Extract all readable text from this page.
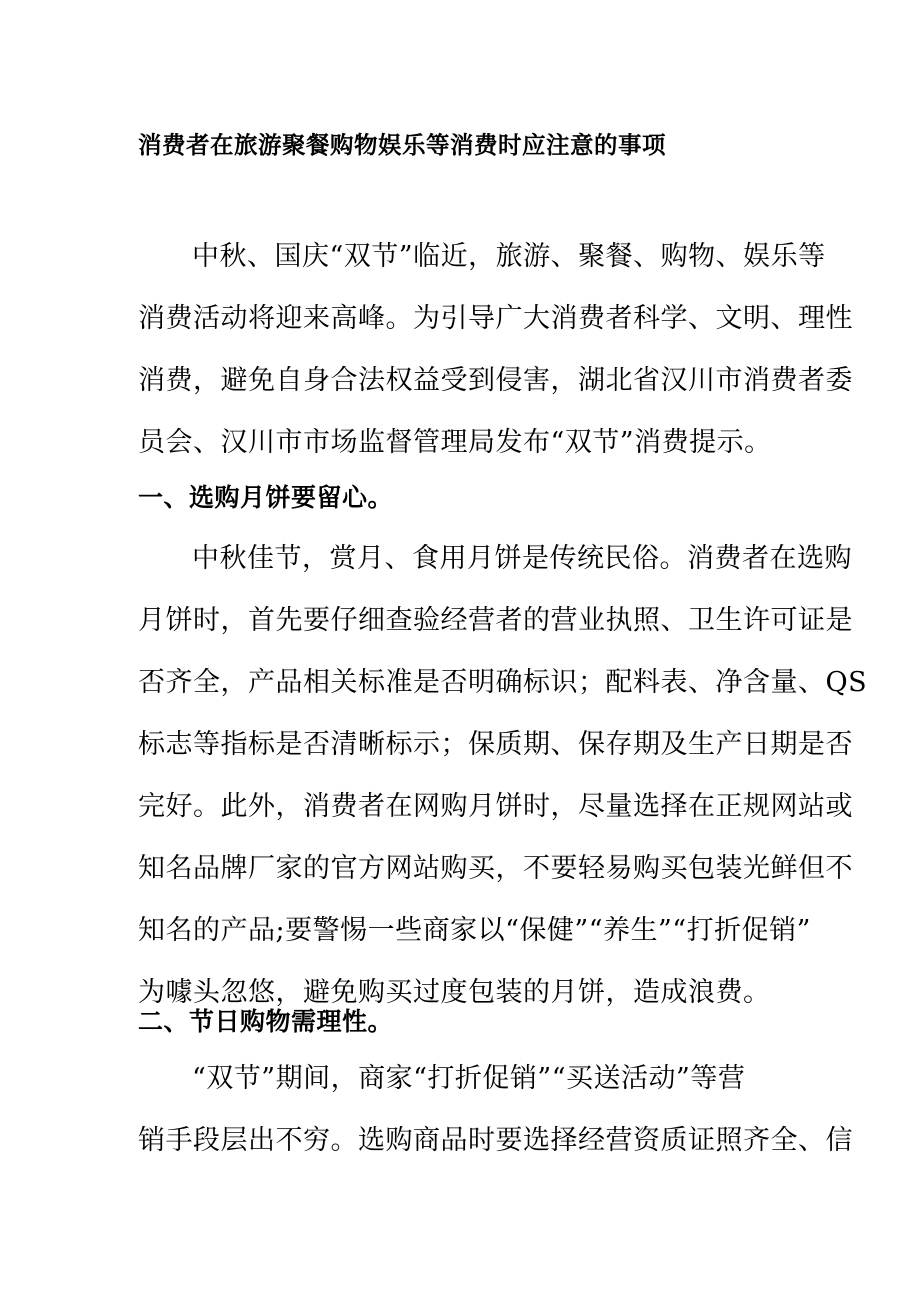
消费者在旅游聚餐购物娱乐等消费时应注意的事项
中秋、国庆“双节”临近，旅游、聚餐、购物、娱乐等
消费活动将迎来高峰。为引导广大消费者科学、文明、理性
消费，避免自身合法权益受到侵害，湖北省汉川市消费者委
员会、汉川市市场监督管理局发布“双节”消费提示。
一、选购月饼要留心。
中秋佳节，赏月、食用月饼是传统民俗。消费者在选购
月饼时，首先要仔细查验经营者的营业执照、卫生许可证是
否齐全，产品相关标准是否明确标识；配料表、净含量、QS
标志等指标是否清晰标示；保质期、保存期及生产日期是否
完好。此外，消费者在网购月饼时，尽量选择在正规网站或
知名品牌厂家的官方网站购买，不要轻易购买包装光鲜但不
知名的产品;要警惕一些商家以“保健”“养生”“打折促销”
为噱头忽悠，避免购买过度包装的月饼，造成浪费。
二、节日购物需理性。
“双节”期间，商家“打折促销”“买送活动”等营
销手段层出不穷。选购商品时要选择经营资质证照齐全、信
